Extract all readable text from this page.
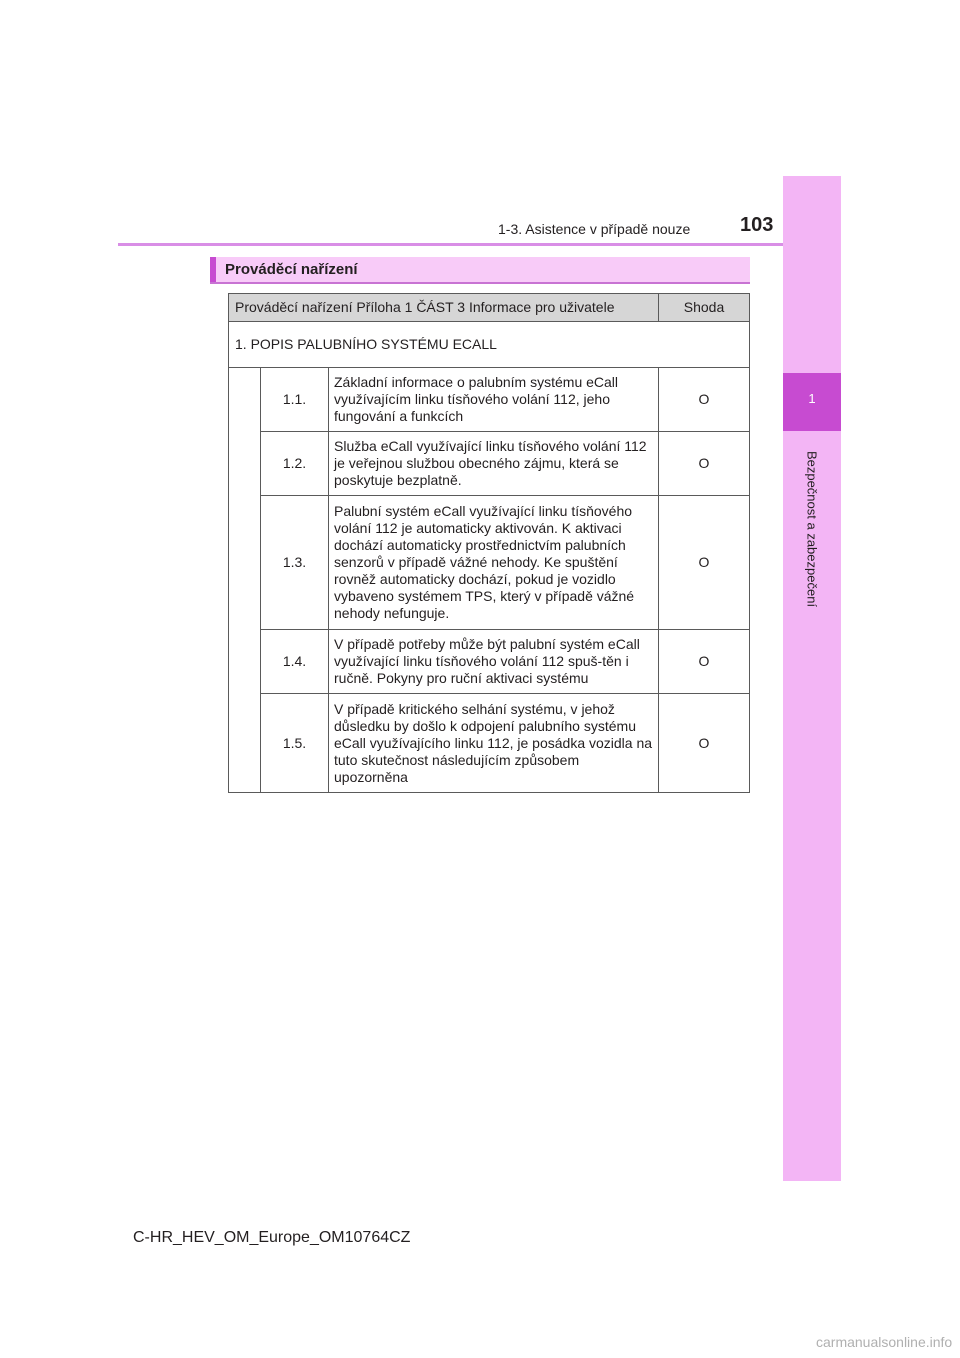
1-3. Asistence v případě nouze 103
1
Bezpečnost a zabezpečení
Prováděcí nařízení
Prováděcí nařízení Příloha 1 ČÁST 3 Informace pro uživatele			Shoda
1. POPIS PALUBNÍHO SYSTÉMU ECALL			
	1.1.	Základní informace o palubním systému eCall využívajícím linku tísňového volání 112, jeho fungování a funkcích	O
	1.2.	Služba eCall využívající linku tísňového volání 112 je veřejnou službou obecného zájmu, která se poskytuje bezplatně.	O
	1.3.	Palubní systém eCall využívající linku tísňového volání 112 je automaticky aktivován. K aktivaci dochází automaticky prostřednictvím palubních senzorů v případě vážné nehody. Ke spuštění rovněž automaticky dochází, pokud je vozidlo vybaveno systémem TPS, který v případě vážné nehody nefunguje.	O
	1.4.	V případě potřeby může být palubní systém eCall využívající linku tísňového volání 112 spuš-těn i ručně. Pokyny pro ruční aktivaci systému	O
	1.5.	V případě kritického selhání systému, v jehož důsledku by došlo k odpojení palubního systému eCall využívajícího linku 112, je posádka vozidla na tuto skutečnost následujícím způsobem upozorněna	O
C-HR_HEV_OM_Europe_OM10764CZ
carmanualsonline.info
